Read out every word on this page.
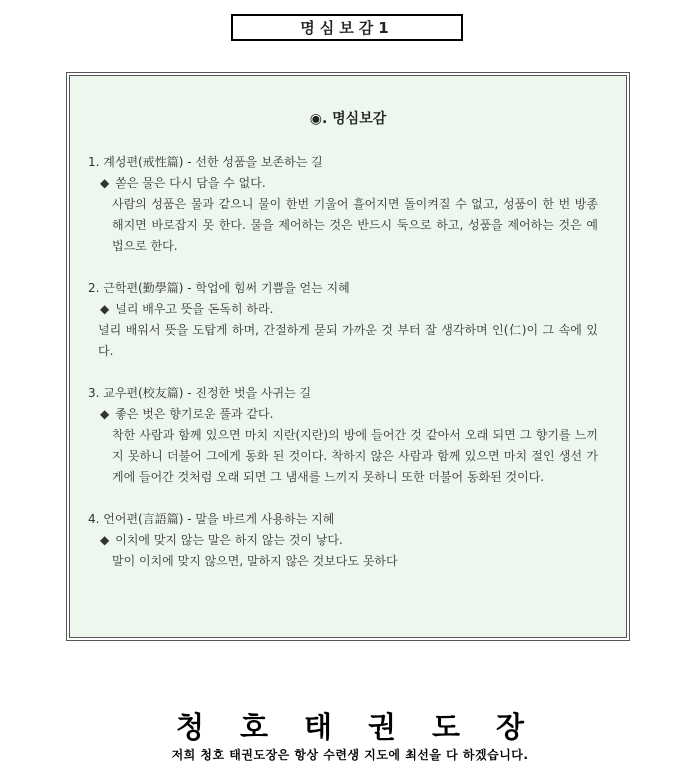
명심보감1
◉. 명심보감
1. 계성편(戒性篇) - 선한 성품을 보존하는 길
◆ 쏟은 물은 다시 담을 수 없다.
사람의 성품은 물과 같으니 물이 한번 기울어 흘어지면 돌이켜질 수 없고, 성품이 한 번 방종해지면 바로잡지 못 한다. 물을 제어하는 것은 반드시 둑으로 하고, 성품을 제어하는 것은 예법으로 한다.
2. 근학편(勤學篇) - 학업에 힘써 기쁨을 얻는 지혜
◆ 널리 배우고 뜻을 돈독히 하라.
널리 배워서 뜻을 도탑게 하며, 간절하게 묻되 가까운 것 부터 잘 생각하며 인(仁)이 그 속에 있다.
3. 교우편(校友篇) - 진정한 벗을 사귀는 길
◆ 좋은 벗은 향기로운 풀과 같다.
착한 사람과 함께 있으면 마치 지란(지란)의 방에 들어간 것 같아서 오래 되면 그 향기를 느끼지 못하니 더불어 그에게 동화 된 것이다. 착하지 않은 사람과 함께 있으면 마치 절인 생선 가게에 들어간 것처럼 오래 되면 그 냄새를 느끼지 못하니 또한 더불어 동화된 것이다.
4. 언어편(言語篇) - 말을 바르게 사용하는 지혜
◆ 이치에 맞지 않는 말은 하지 않는 것이 낳다.
말이 이치에 맞지 않으면, 말하지 않은 것보다도 못하다
청호태권도장
저희 청호 태권도장은 항상 수련생 지도에 최선을 다 하겠습니다.
